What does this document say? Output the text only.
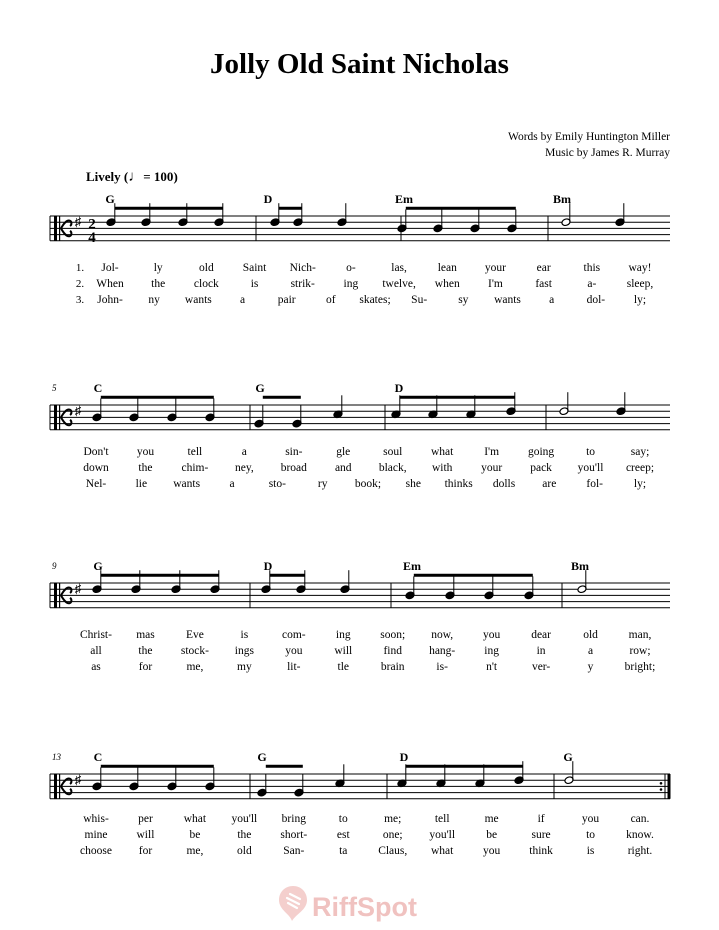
Jolly Old Saint Nicholas
Words by Emily Huntington Miller
Music by James R. Murray
Lively (♩= 100)
♯ 2
4
G	D	Em	Bm
1. Jol-	ly	old	Saint Nich-	o-	las,	lean your	ear	this way!
2. When the clock	is	strik- ing twelve, when I'm	fast	a-	sleep,
3. John- ny wants a	pair	of skates; Su-	sy wants a	dol-	ly;
♯
5	C	G	D
Don't you	tell	a	sin-	gle	soul what	I'm	going	to	say;
down	the	chim- ney, broad and black, with your pack you'll creep;
Nel-	lie wants	a	sto-	ry book; she thinks dolls are	fol-	ly;
♯
9	G	D	Em	Bm
Christ- mas	Eve	is	com-	ing	soon; now,	you	dear	old	man,
all	the stock- ings	you	will	find hang-	ing	in	a	row;
as	for	me,	my	lit-	tle	brain	is-	n't	ver-	y	bright;
♯
13	C	G	D	G
whis-	per	what you'll bring	to	me;	tell	me	if	you	can.
mine	will	be	the	short-	est	one; you'll	be	sure	to	know.
choose for	me,	old	San-	ta	Claus, what	you	think	is	right.
RiffSpot
